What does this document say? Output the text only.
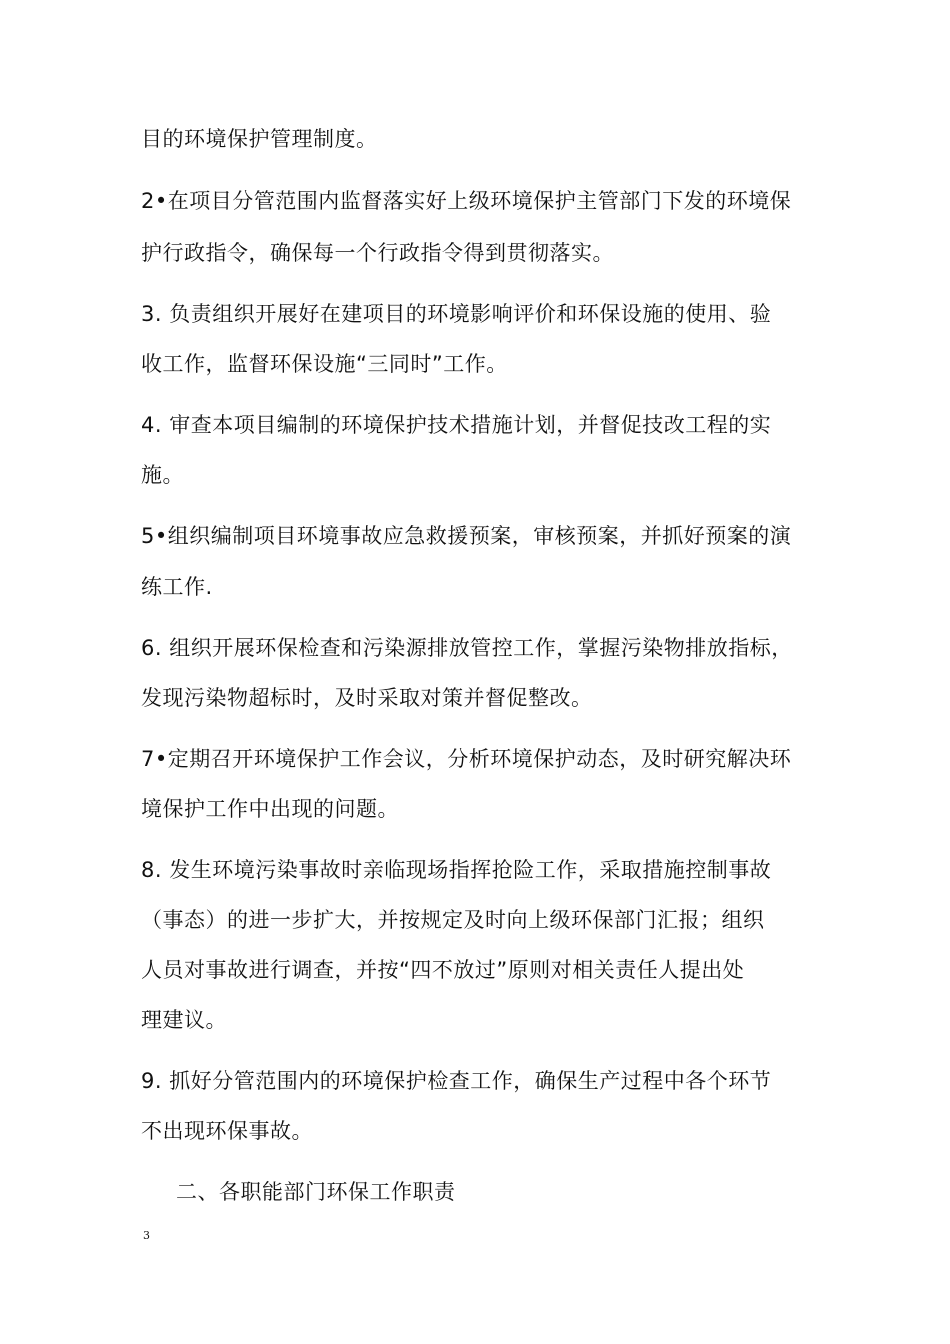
目的环境保护管理制度。
2•在项目分管范围内监督落实好上级环境保护主管部门下发的环境保
护行政指令，确保每一个行政指令得到贯彻落实。
3. 负责组织开展好在建项目的环境影响评价和环保设施的使用、验
收工作，监督环保设施“三同时”工作。
4. 审查本项目编制的环境保护技术措施计划，并督促技改工程的实
施。
5•组织编制项目环境事故应急救援预案，审核预案，并抓好预案的演
练工作.
6. 组织开展环保检查和污染源排放管控工作，掌握污染物排放指标，
发现污染物超标时，及时采取对策并督促整改。
7•定期召开环境保护工作会议，分析环境保护动态，及时研究解决环
境保护工作中出现的问题。
8. 发生环境污染事故时亲临现场指挥抢险工作，采取措施控制事故
（事态）的进一步扩大，并按规定及时向上级环保部门汇报；组织
人员对事故进行调查，并按“四不放过”原则对相关责任人提出处
理建议。
9. 抓好分管范围内的环境保护检查工作，确保生产过程中各个环节
不出现环保事故。
二、各职能部门环保工作职责
3
